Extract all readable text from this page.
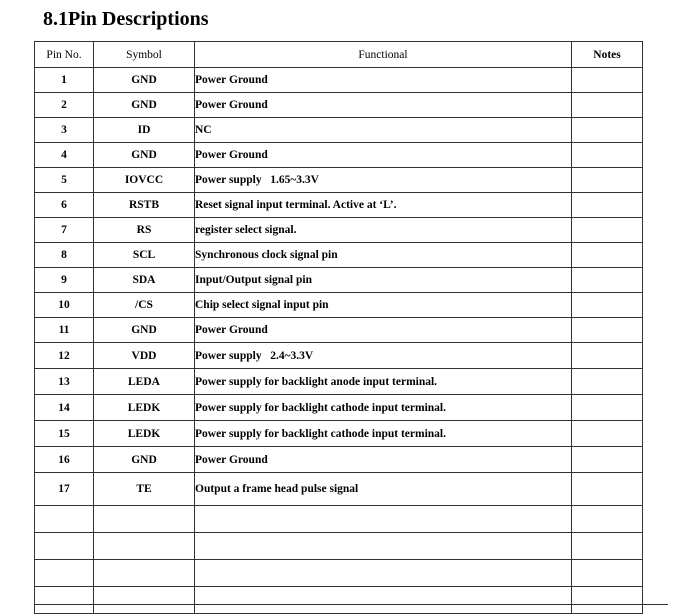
8.1Pin Descriptions
Pin No.	Symbol	Functional	Notes
1	GND	Power Ground	
2	GND	Power Ground	
3	ID	NC	
4	GND	Power Ground	
5	IOVCC	Power supply   1.65~3.3V	
6	RSTB	Reset signal input terminal. Active at ‘L’.	
7	RS	register select signal.	
8	SCL	Synchronous clock signal pin	
9	SDA	Input/Output signal pin	
10	/CS	Chip select signal input pin	
11	GND	Power Ground	
12	VDD	Power supply   2.4~3.3V	
13	LEDA	Power supply for backlight anode input terminal.	
14	LEDK	Power supply for backlight cathode input terminal.	
15	LEDK	Power supply for backlight cathode input terminal.	
16	GND	Power Ground	
17	TE	Output a frame head pulse signal	
